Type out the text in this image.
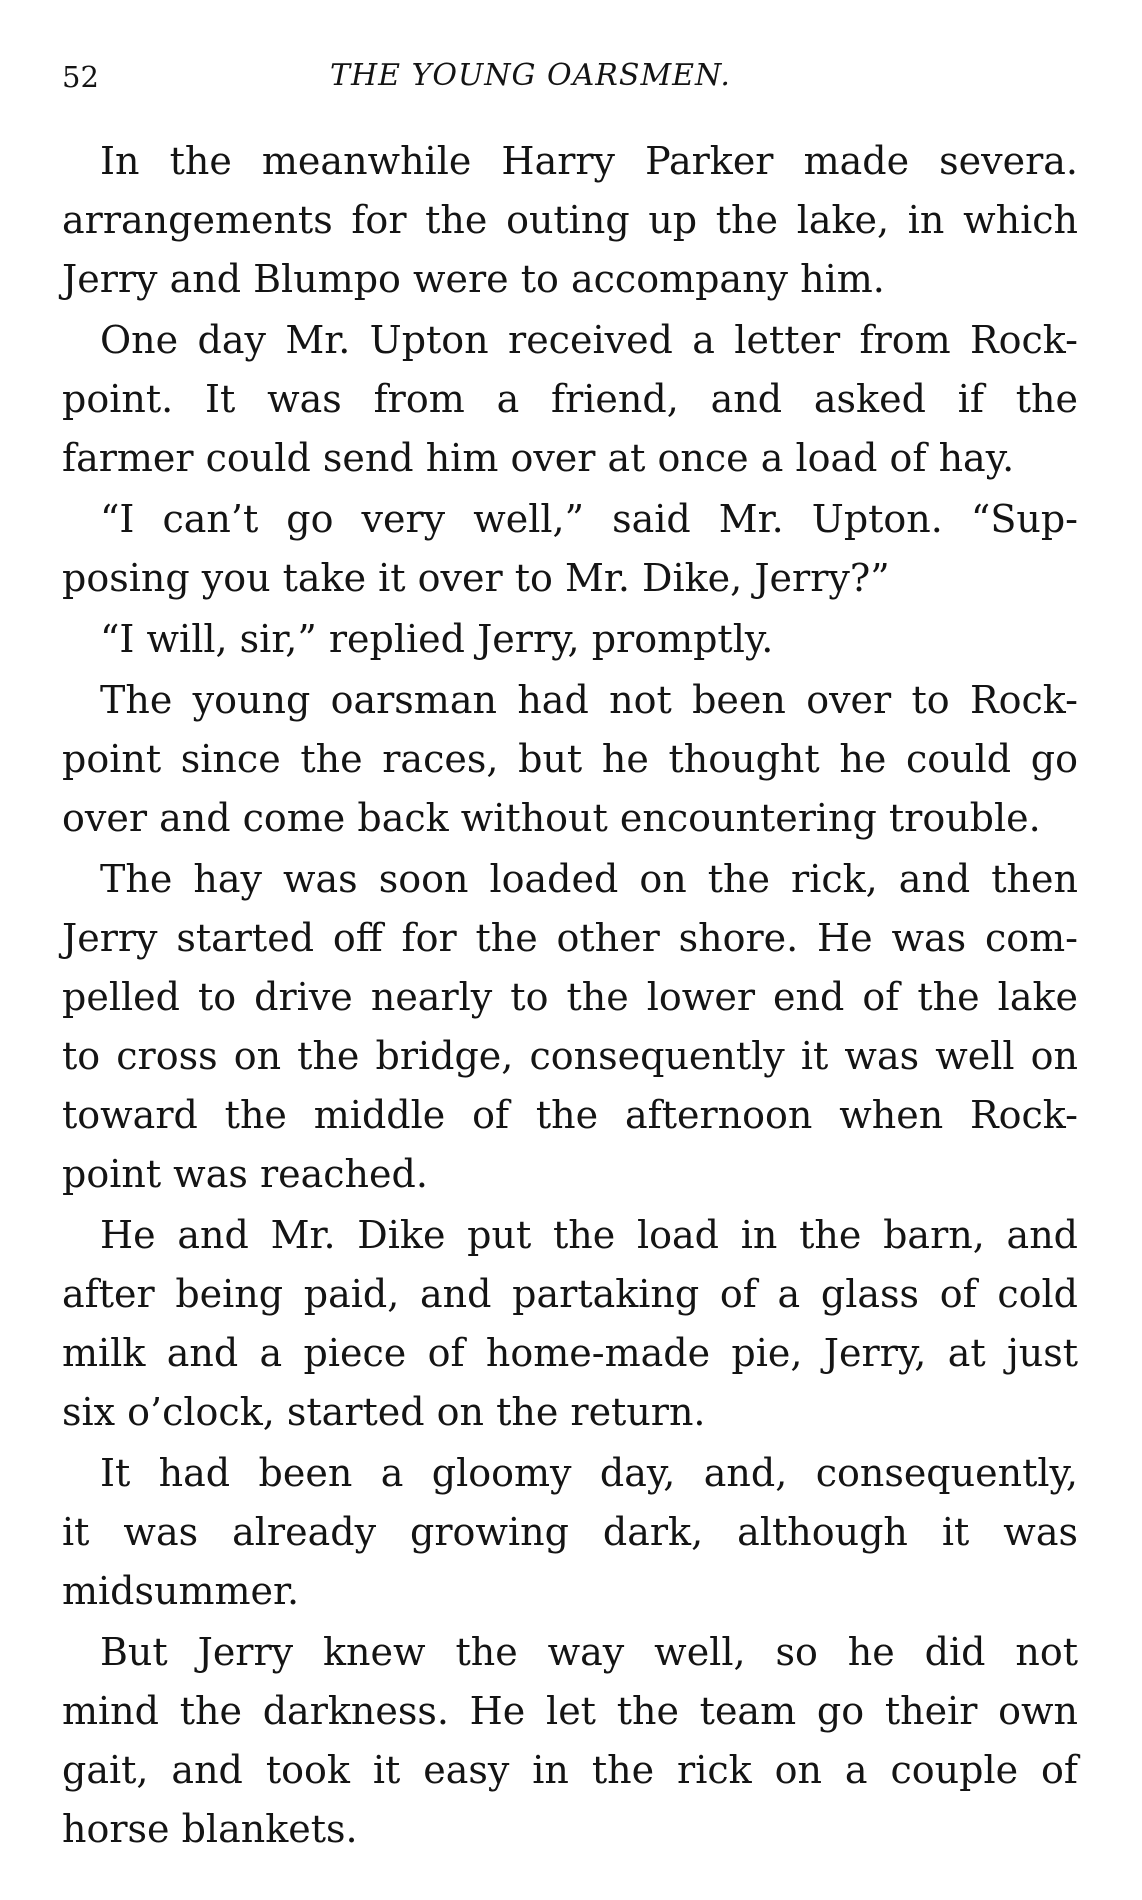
52	THE YOUNG OARSMEN.
In the meanwhile Harry Parker made severa.
arrangements for the outing up the lake, in which
Jerry and Blumpo were to accompany him.
One day Mr. Upton received a letter from Rock-
point. It was from a friend, and asked if the
farmer could send him over at once a load of hay.
“I can’t go very well,” said Mr. Upton. “Sup-
posing you take it over to Mr. Dike, Jerry?”
“I will, sir,” replied Jerry, promptly.
The young oarsman had not been over to Rock-
point since the races, but he thought he could go
over and come back without encountering trouble.
The hay was soon loaded on the rick, and then
Jerry started off for the other shore. He was com-
pelled to drive nearly to the lower end of the lake
to cross on the bridge, consequently it was well on
toward the middle of the afternoon when Rock-
point was reached.
He and Mr. Dike put the load in the barn, and
after being paid, and partaking of a glass of cold
milk and a piece of home-made pie, Jerry, at just
six o’clock, started on the return.
It had been a gloomy day, and, consequently,
it was already growing dark, although it was
midsummer.
But Jerry knew the way well, so he did not
mind the darkness. He let the team go their own
gait, and took it easy in the rick on a couple of
horse blankets.
